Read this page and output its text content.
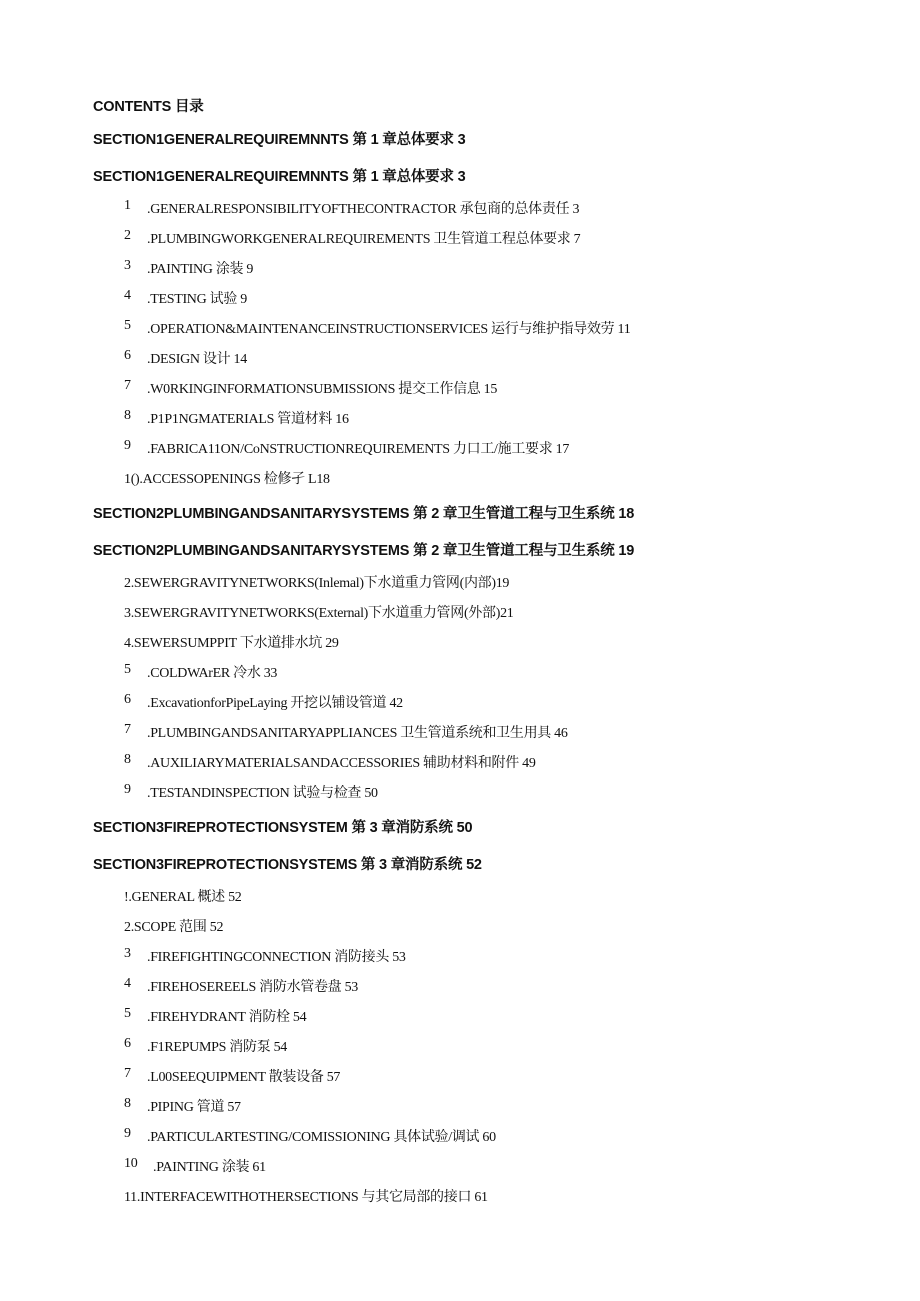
CONTENTS 目录
SECTION1GENERALREQUIREMNNTS 第 1 章总体要求 3
SECTION1GENERALREQUIREMNNTS 第 1 章总体要求 3
1 .GENERALRESPONSIBILITYOFTHECONTRACTOR 承包商的总体责任 3
2 .PLUMBINGWORKGENERALREQUIREMENTS 卫生管道工程总体要求 7
3 .PAINTING 涂装 9
4 .TESTING 试验 9
5 .OPERATION&MAINTENANCEINSTRUCTIONSERVICES 运行与维护指导效劳 11
6 .DESIGN 设计 14
7 .W0RKINGINFORMATIONSUBMISSIONS 提交工作信息 15
8 .P1P1NGMATERIALS 管道材料 16
9 .FABRICA11ON/CoNSTRUCTIONREQUIREMENTS 力口工/施工要求 17
1().ACCESSOPENINGS 检修孑 L18
SECTION2PLUMBINGANDSANITARYSYSTEMS 第 2 章卫生管道工程与卫生系统 18
SECTION2PLUMBINGANDSANITARYSYSTEMS 第 2 章卫生管道工程与卫生系统 19
2.SEWERGRAVITYNETWORKS(Inlemal)下水道重力管网(内部)19
3.SEWERGRAVITYNETWORKS(External)下水道重力管网(外部)21
4.SEWERSUMPPIT 下水道排水坑 29
5 .COLDWArER 冷水 33
6 .ExcavationforPipeLaying 开挖以铺设管道 42
7 .PLUMBINGANDSANITARYAPPLIANCES 卫生管道系统和卫生用具 46
8 .AUXILIARYMATERIALSANDACCESSORIES 辅助材料和附件 49
9 .TESTANDINSPECTION 试验与检查 50
SECTION3FIREPROTECTIONSYSTEM 第 3 章消防系统 50
SECTION3FIREPROTECTIONSYSTEMS 第 3 章消防系统 52
!.GENERAL 概述 52
2.SCOPE 范围 52
3 .FIREFIGHTINGCONNECTION 消防接头 53
4 .FIREHOSEREELS 消防水管卷盘 53
5 .FIREHYDRANT 消防栓 54
6 .F1REPUMPS 消防泵 54
7 .L00SEEQUIPMENT 散装设备 57
8 .PIPING 管道 57
9 .PARTICULARTESTING/COMISSIONING 具体试验/调试 60
10 .PAINTING 涂装 61
11.INTERFACEWITHOTHERSECTIONS 与其它局部的接口 61
